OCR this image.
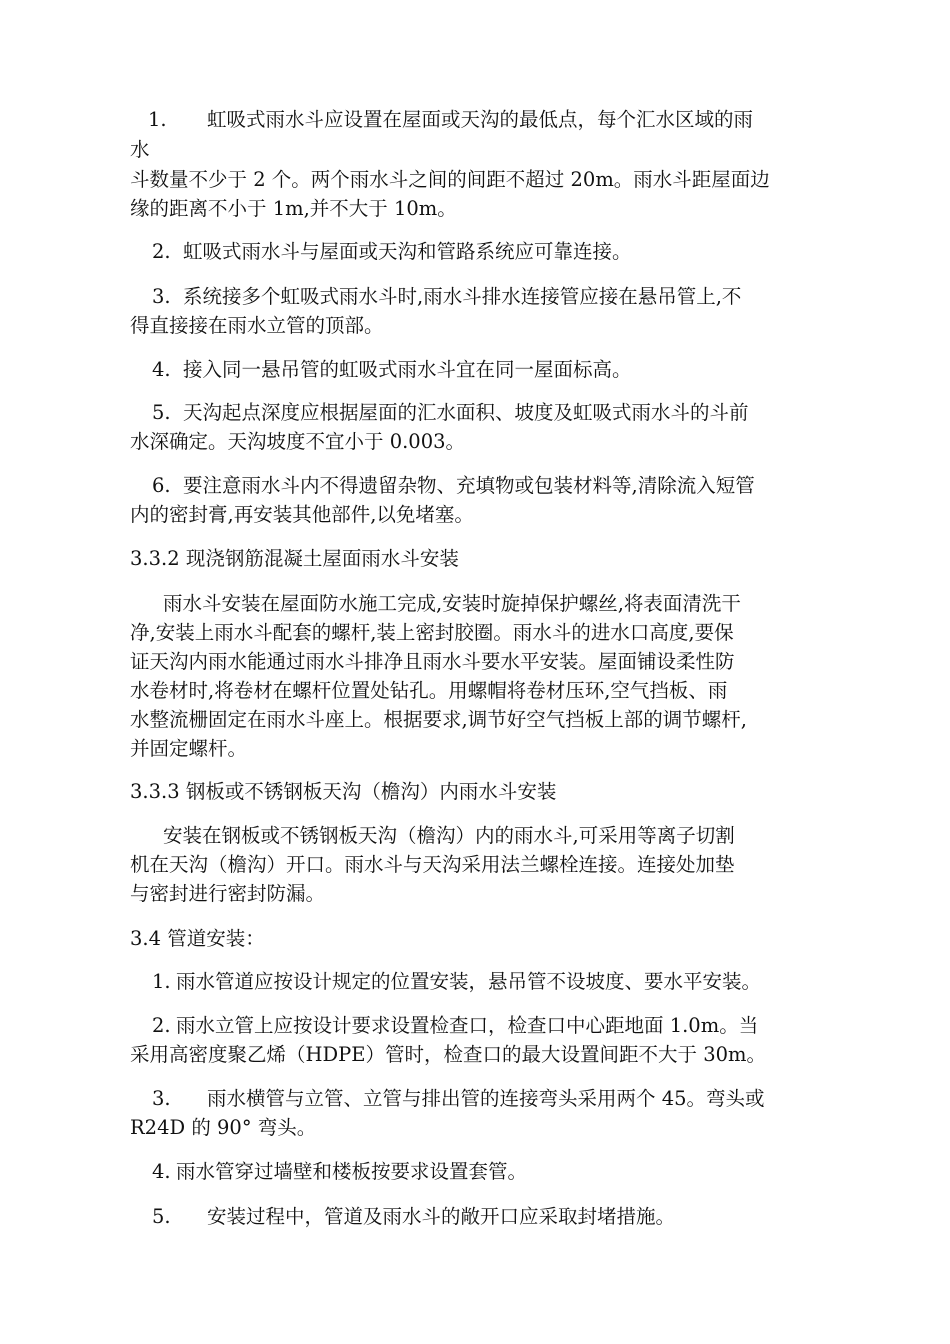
1. 虹吸式雨水斗应设置在屋面或天沟的最低点，每个汇水区域的雨
水
斗数量不少于 2 个。两个雨水斗之间的间距不超过 20m。雨水斗距屋面边
缘的距离不小于 1m,并不大于 10m。
2. 虹吸式雨水斗与屋面或天沟和管路系统应可靠连接。
3. 系统接多个虹吸式雨水斗时,雨水斗排水连接管应接在悬吊管上,不
得直接接在雨水立管的顶部。
4. 接入同一悬吊管的虹吸式雨水斗宜在同一屋面标高。
5. 天沟起点深度应根据屋面的汇水面积、坡度及虹吸式雨水斗的斗前
水深确定。天沟坡度不宜小于 0.003。
6. 要注意雨水斗内不得遗留杂物、充填物或包装材料等,清除流入短管
内的密封膏,再安装其他部件,以免堵塞。
3.3.2 现浇钢筋混凝土屋面雨水斗安装
雨水斗安装在屋面防水施工完成,安装时旋掉保护螺丝,将表面清洗干
净,安装上雨水斗配套的螺杆,装上密封胶圈。雨水斗的进水口高度,要保
证天沟内雨水能通过雨水斗排净且雨水斗要水平安装。屋面铺设柔性防
水卷材时,将卷材在螺杆位置处钻孔。用螺帽将卷材压环,空气挡板、雨
水整流栅固定在雨水斗座上。根据要求,调节好空气挡板上部的调节螺杆,
并固定螺杆。
3.3.3 钢板或不锈钢板天沟（檐沟）内雨水斗安装
安装在钢板或不锈钢板天沟（檐沟）内的雨水斗,可采用等离子切割
机在天沟（檐沟）开口。雨水斗与天沟采用法兰螺栓连接。连接处加垫
与密封进行密封防漏。
3.4 管道安装：
1. 雨水管道应按设计规定的位置安装，悬吊管不设坡度、要水平安装。
2. 雨水立管上应按设计要求设置检查口，检查口中心距地面 1.0m。当
采用高密度聚乙烯（HDPE）管时，检查口的最大设置间距不大于 30m。
3. 雨水横管与立管、立管与排出管的连接弯头采用两个 45。弯头或
R24D 的 90° 弯头。
4. 雨水管穿过墙壁和楼板按要求设置套管。
5. 安装过程中，管道及雨水斗的敞开口应采取封堵措施。
